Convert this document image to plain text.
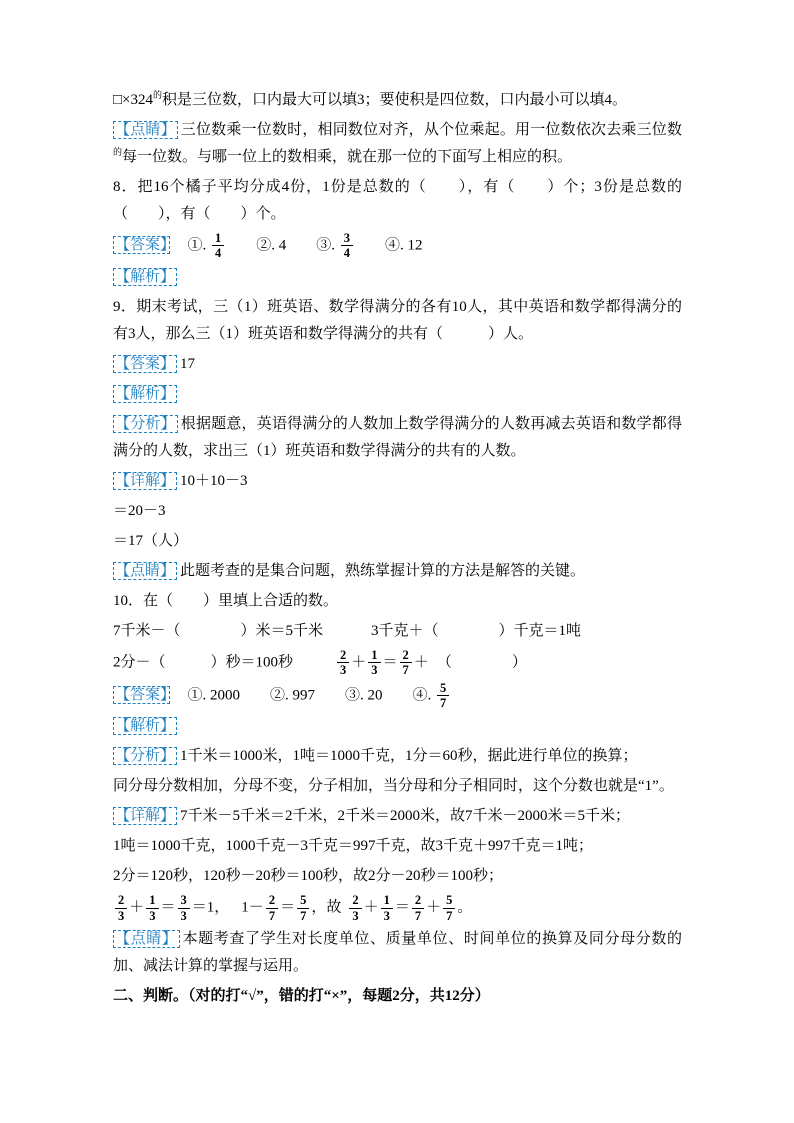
$□\times 324^的$积是三位数，口内最大可以填3；要使积是四位数，口内最小可以填4。
【点睛】 三位数乘一位数时，相同数位对齐，从个位乘起。用一位数依次去乘三位数$^的$每一位数。与哪一位上的数相乘，就在那一位的下面写上相应的积。
8．把16个橘子平均分成4份，1份是总数的（　　），有（　　）个；3份是总数的（　　），有（　　）个。
【答案】　①. $\frac{1}{4}$ 　　②. 4　　③. $\frac{3}{4}$ 　　④. 12
【解析】
9．期末考试，三（1）班英语、数学得满分的各有10人，其中英语和数学都得满分的有3人，那么三（1）班英语和数学得满分的共有（　　　）人。
【答案】 17
【解析】
【分析】 根据题意，英语得满分的人数加上数学得满分的人数再减去英语和数学都得满分的人数，求出三（1）班英语和数学得满分的共有的人数。
【详解】 10＋10－3
＝20－3
＝17（人）
【点睛】 此题考查的是集合问题，熟练掌握计算的方法是解答的关键。
10．在（　　）里填上合适的数。
7千米－（　　　　）米＝5千米	3千克＋（　　　　）千克＝1吨
2分－（　　　）秒＝100秒	$\frac{2}{3} + \frac{1}{3} = \frac{2}{7}$ ＋ （　　　　）
【答案】　①. 2000　　②. 997　　③. 20　　④. $\frac{5}{7}$
【解析】
【分析】 1千米＝1000米，1吨＝1000千克，1分＝60秒，据此进行单位的换算；
同分母分数相加，分母不变，分子相加，当分母和分子相同时，这个分数也就是“1”。
【详解】 7千米－5千米＝2千米，2千米＝2000米，故7千米－2000米＝5千米；
1吨＝1000千克，1000千克－3千克＝997千克，故3千克＋997千克＝1吨；
2分＝120秒，120秒－20秒＝100秒，故2分－20秒＝100秒；
$\frac{2}{3} + \frac{1}{3} = \frac{3}{3} =1$， $1- \frac{2}{7} = \frac{5}{7}$ ，故 $\frac{2}{3} + \frac{1}{3} = \frac{2}{7} + \frac{5}{7}$ 。
【点睛】 本题考查了学生对长度单位、质量单位、时间单位的换算及同分母分数的加、减法计算的掌握与运用。
二、判断。（对的打“√”，错的打“×”，每题2分，共12分）
